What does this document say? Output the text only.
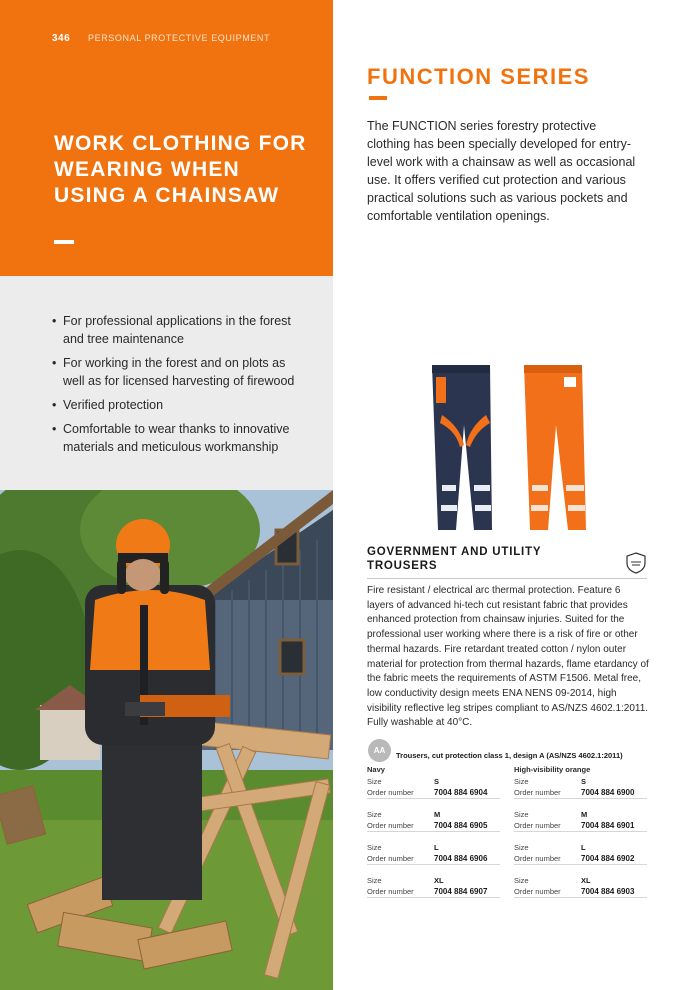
346 PERSONAL PROTECTIVE EQUIPMENT
WORK CLOTHING FOR WEARING WHEN USING A CHAINSAW
• For professional applications in the forest and tree maintenance
• For working in the forest and on plots as well as for licensed harvesting of firewood
• Verified protection
• Comfortable to wear thanks to innovative materials and meticulous workmanship
FUNCTION SERIES
The FUNCTION series forestry protective clothing has been specially developed for entry-level work with a chainsaw as well as occasional use. It offers verified cut protection and various practical solutions such as various pockets and comfortable ventilation openings.
GOVERNMENT AND UTILITY TROUSERS
Fire resistant / electrical arc thermal protection. Feature 6 layers of advanced hi-tech cut resistant fabric that provides enhanced protection from chainsaw injuries. Suited for the professional user working where there is a risk of fire or other thermal hazards. Fire retardant treated cotton / nylon outer material for protection from thermal hazards, flame etardancy of the fabric meets the requirements of ASTM F1506. Metal free, low conductivity design meets ENA NENS 09-2014, high visibility reflective leg stripes compliant to AS/NZS 4602.1:2011. Fully washable at 40°C.
AA
Trousers, cut protection class 1, design A (AS/NZS 4602.1:2011)
Navy
Size	S
Order number	7004 884 6904
Size	M
Order number	7004 884 6905
Size	L
Order number	7004 884 6906
Size	XL
Order number	7004 884 6907
High-visibility orange
Size	S
Order number	7004 884 6900
Size	M
Order number	7004 884 6901
Size	L
Order number	7004 884 6902
Size	XL
Order number	7004 884 6903
